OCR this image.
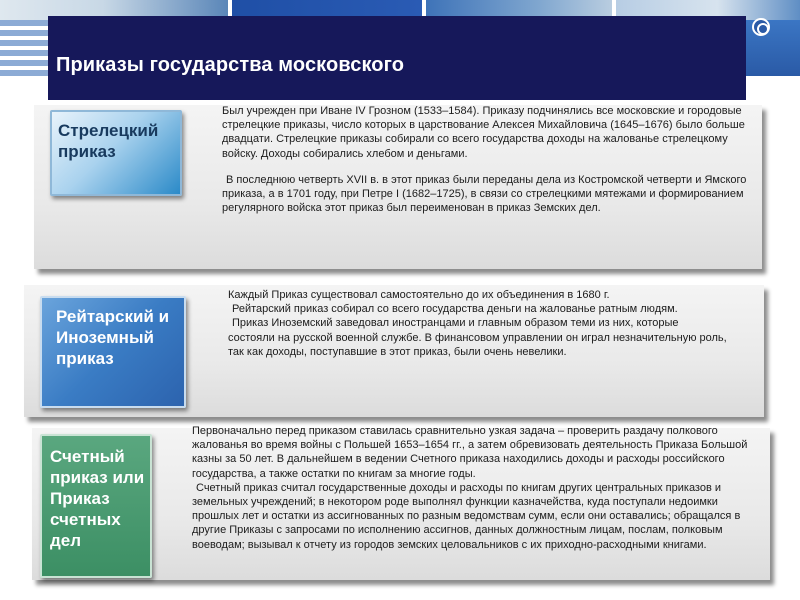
Приказы государства московского
Стрелецкий приказ

Был учрежден при Иване IV Грозном (1533–1584). Приказу подчинялись все московские и городовые стрелецкие приказы, число которых в царствование Алексея Михайловича (1645–1676) было больше двадцати. Стрелецкие приказы собирали со всего государства доходы на жалованье стрелецкому войску. Доходы собирались хлебом и деньгами.

В последнюю четверть XVII в. в этот приказ были переданы дела из Костромской четверти и Ямского приказа, а в 1701 году, при Петре I (1682–1725), в связи со стрелецкими мятежами и формированием регулярного войска этот приказ был переименован в приказ Земских дел.

Рейтарский и Иноземный приказ

Каждый Приказ существовал самостоятельно до их объединения в 1680 г.

Рейтарский приказ собирал со всего государства деньги на жалованье ратным людям.

Приказ Иноземский заведовал иностранцами и главным образом теми из них, которые состояли на русской военной службе. В финансовом управлении он играл незначительную роль, так как доходы, поступавшие в этот приказ, были очень невелики.

Счетный приказ или Приказ счетных дел

Первоначально перед приказом ставилась сравнительно узкая задача – проверить раздачу полкового жалованья во время войны с Польшей 1653–1654 гг., а затем обревизовать деятельность Приказа Большой казны за 50 лет. В дальнейшем в ведении Счетного приказа находились доходы и расходы российского государства, а также остатки по книгам за многие годы.

Счетный приказ считал государственные доходы и расходы по книгам других центральных приказов и земельных учреждений; в некотором роде выполнял функции казначейства, куда поступали недоимки прошлых лет и остатки из ассигнованных по разным ведомствам сумм, если они оставались; обращался в другие Приказы с запросами по исполнению ассигнов, данных должностным лицам, послам, полковым воеводам; вызывал к отчету из городов земских целовальников с их приходно-расходными книгами.
